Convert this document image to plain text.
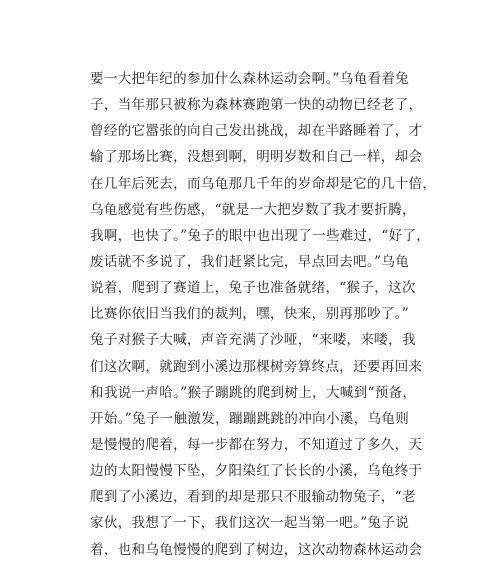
要一大把年纪的参加什么森林运动会啊。”乌龟看着兔
子，当年那只被称为森林赛跑第一快的动物已经老了，
曾经的它嚣张的向自己发出挑战，却在半路睡着了，才
输了那场比赛，没想到啊，明明岁数和自己一样，却会
在几年后死去，而乌龟那几千年的岁命却是它的几十倍，
乌龟感觉有些伤感，“就是一大把岁数了我才要折腾，
我啊，也快了。”兔子的眼中也出现了一些难过，“好了，
废话就不多说了，我们赶紧比完，早点回去吧。”乌龟
说着，爬到了赛道上，兔子也准备就绪，“猴子，这次
比赛你依旧当我们的裁判，嘿，快来，别再那吵了。”
兔子对猴子大喊，声音充满了沙哑，“来喽，来喽，我
们这次啊，就跑到小溪边那棵树旁算终点，还要再回来
和我说一声哈。”猴子蹦跳的爬到树上，大喊到“预备，
开始。”兔子一触激发，蹦蹦跳跳的冲向小溪，乌龟则
是慢慢的爬着，每一步都在努力，不知道过了多久，天
边的太阳慢慢下坠，夕阳染红了长长的小溪，乌龟终于
爬到了小溪边，看到的却是那只不服输动物兔子，“老
家伙，我想了一下，我们这次一起当第一吧。”兔子说
着，也和乌龟慢慢的爬到了树边，这次动物森林运动会
